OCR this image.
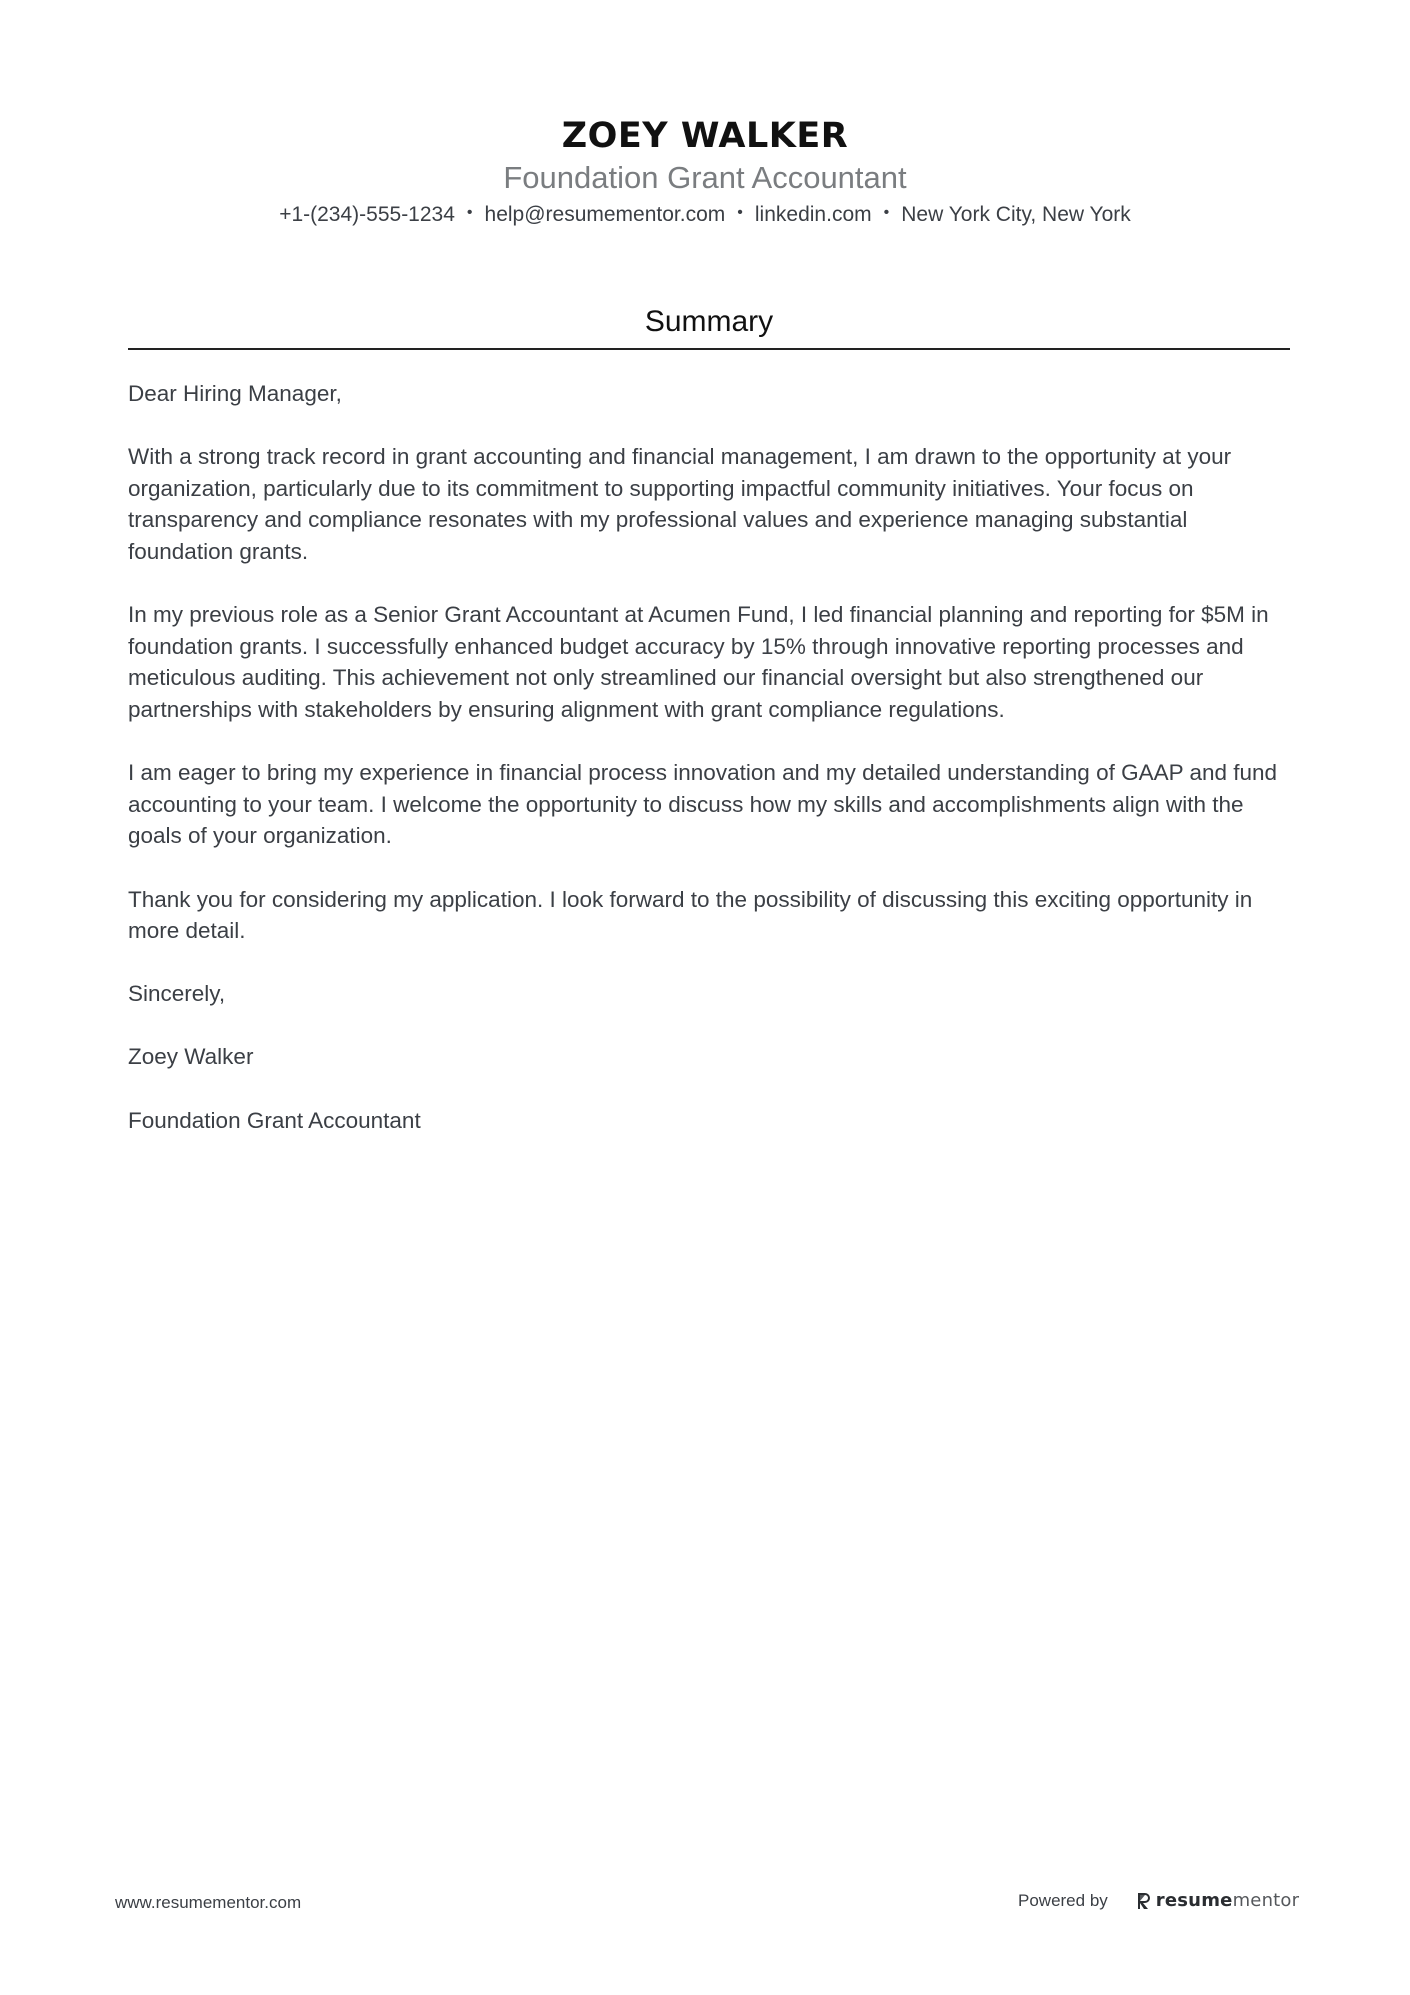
ZOEY WALKER
Foundation Grant Accountant
+1-(234)-555-1234 • help@resumementor.com • linkedin.com • New York City, New York
Summary

Dear Hiring Manager,

With a strong track record in grant accounting and financial management, I am drawn to the opportunity at your organization, particularly due to its commitment to supporting impactful community initiatives. Your focus on transparency and compliance resonates with my professional values and experience managing substantial foundation grants.

In my previous role as a Senior Grant Accountant at Acumen Fund, I led financial planning and reporting for $5M in foundation grants. I successfully enhanced budget accuracy by 15% through innovative reporting processes and meticulous auditing. This achievement not only streamlined our financial oversight but also strengthened our partnerships with stakeholders by ensuring alignment with grant compliance regulations.

I am eager to bring my experience in financial process innovation and my detailed understanding of GAAP and fund accounting to your team. I welcome the opportunity to discuss how my skills and accomplishments align with the goals of your organization.

Thank you for considering my application. I look forward to the possibility of discussing this exciting opportunity in more detail.

Sincerely,

Zoey Walker

Foundation Grant Accountant

www.resumementor.com	Powered by	resumementor
